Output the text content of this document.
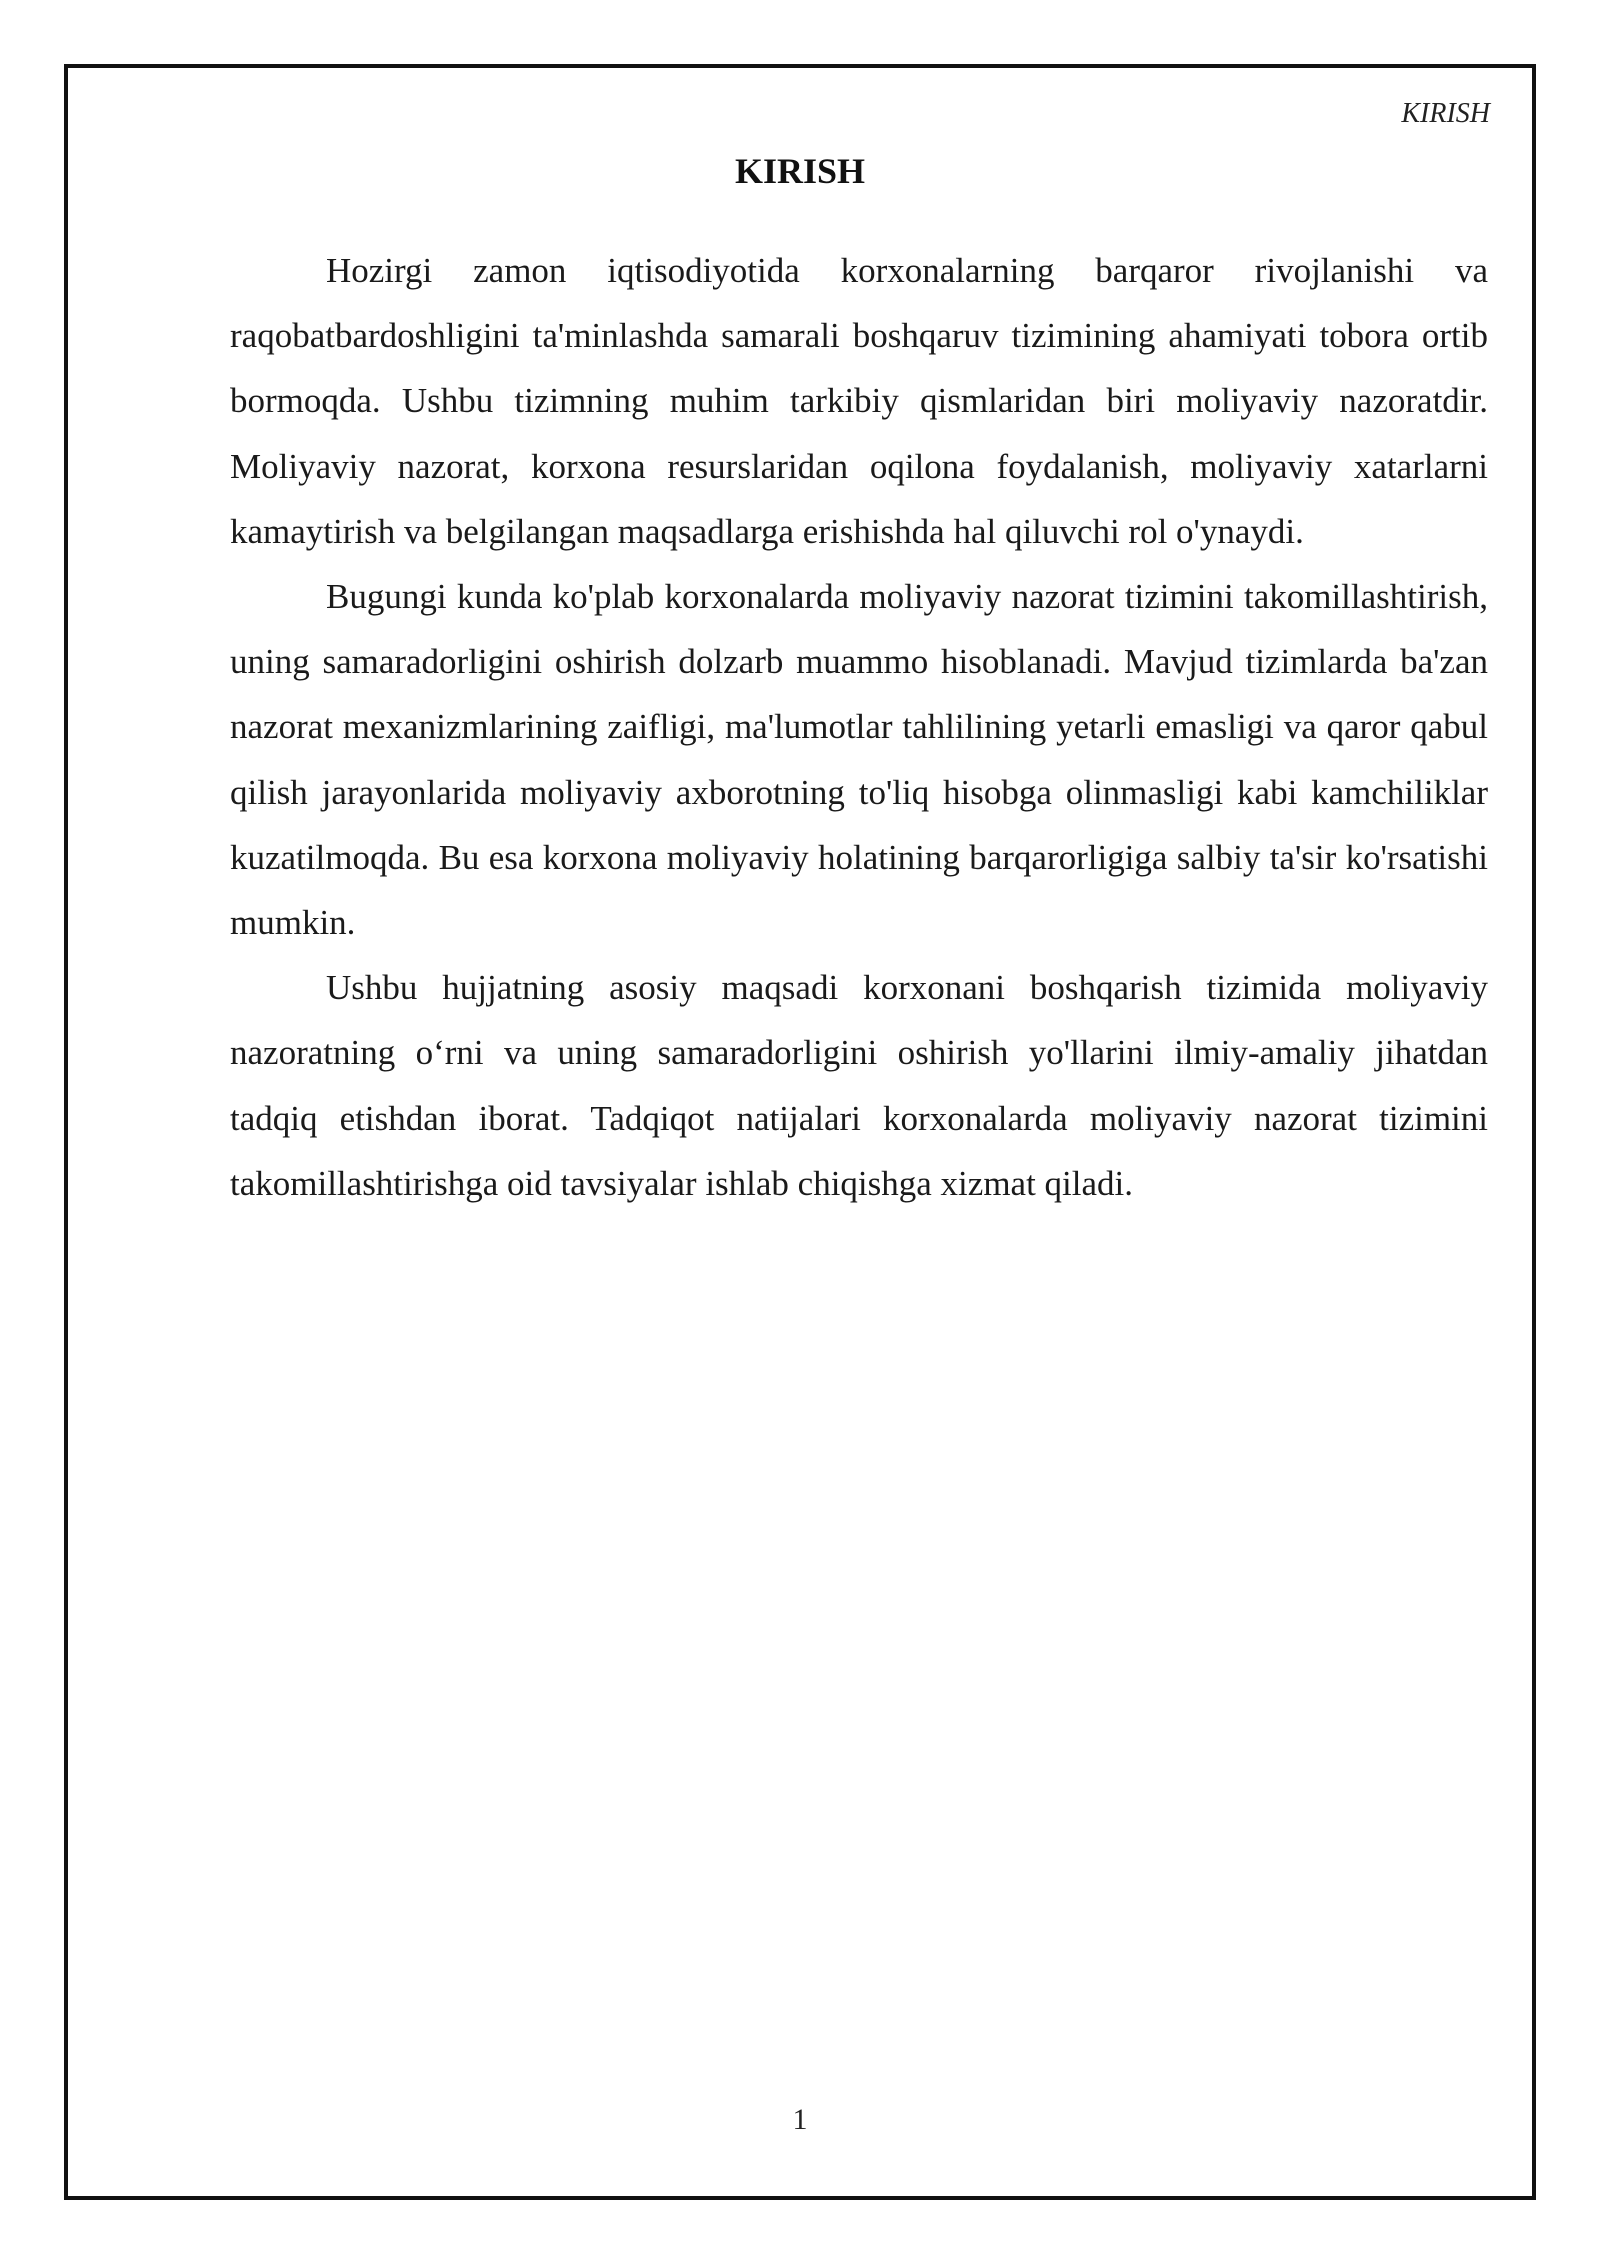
KIRISH
KIRISH

Hozirgi zamon iqtisodiyotida korxonalarning barqaror rivojlanishi va raqobatbardoshligini ta'minlashda samarali boshqaruv tizimining ahamiyati tobora ortib bormoqda. Ushbu tizimning muhim tarkibiy qismlaridan biri moliyaviy nazoratdir. Moliyaviy nazorat, korxona resurslaridan oqilona foydalanish, moliyaviy xatarlarni kamaytirish va belgilangan maqsadlarga erishishda hal qiluvchi rol o'ynaydi.

Bugungi kunda ko'plab korxonalarda moliyaviy nazorat tizimini takomillashtirish, uning samaradorligini oshirish dolzarb muammo hisoblanadi. Mavjud tizimlarda ba'zan nazorat mexanizmlarining zaifligi, ma'lumotlar tahlilining yetarli emasligi va qaror qabul qilish jarayonlarida moliyaviy axborotning to'liq hisobga olinmasligi kabi kamchiliklar kuzatilmoqda. Bu esa korxona moliyaviy holatining barqarorligiga salbiy ta'sir ko'rsatishi mumkin.

Ushbu hujjatning asosiy maqsadi korxonani boshqarish tizimida moliyaviy nazoratning o‘rni va uning samaradorligini oshirish yo'llarini ilmiy-amaliy jihatdan tadqiq etishdan iborat. Tadqiqot natijalari korxonalarda moliyaviy nazorat tizimini takomillashtirishga oid tavsiyalar ishlab chiqishga xizmat qiladi.

1
